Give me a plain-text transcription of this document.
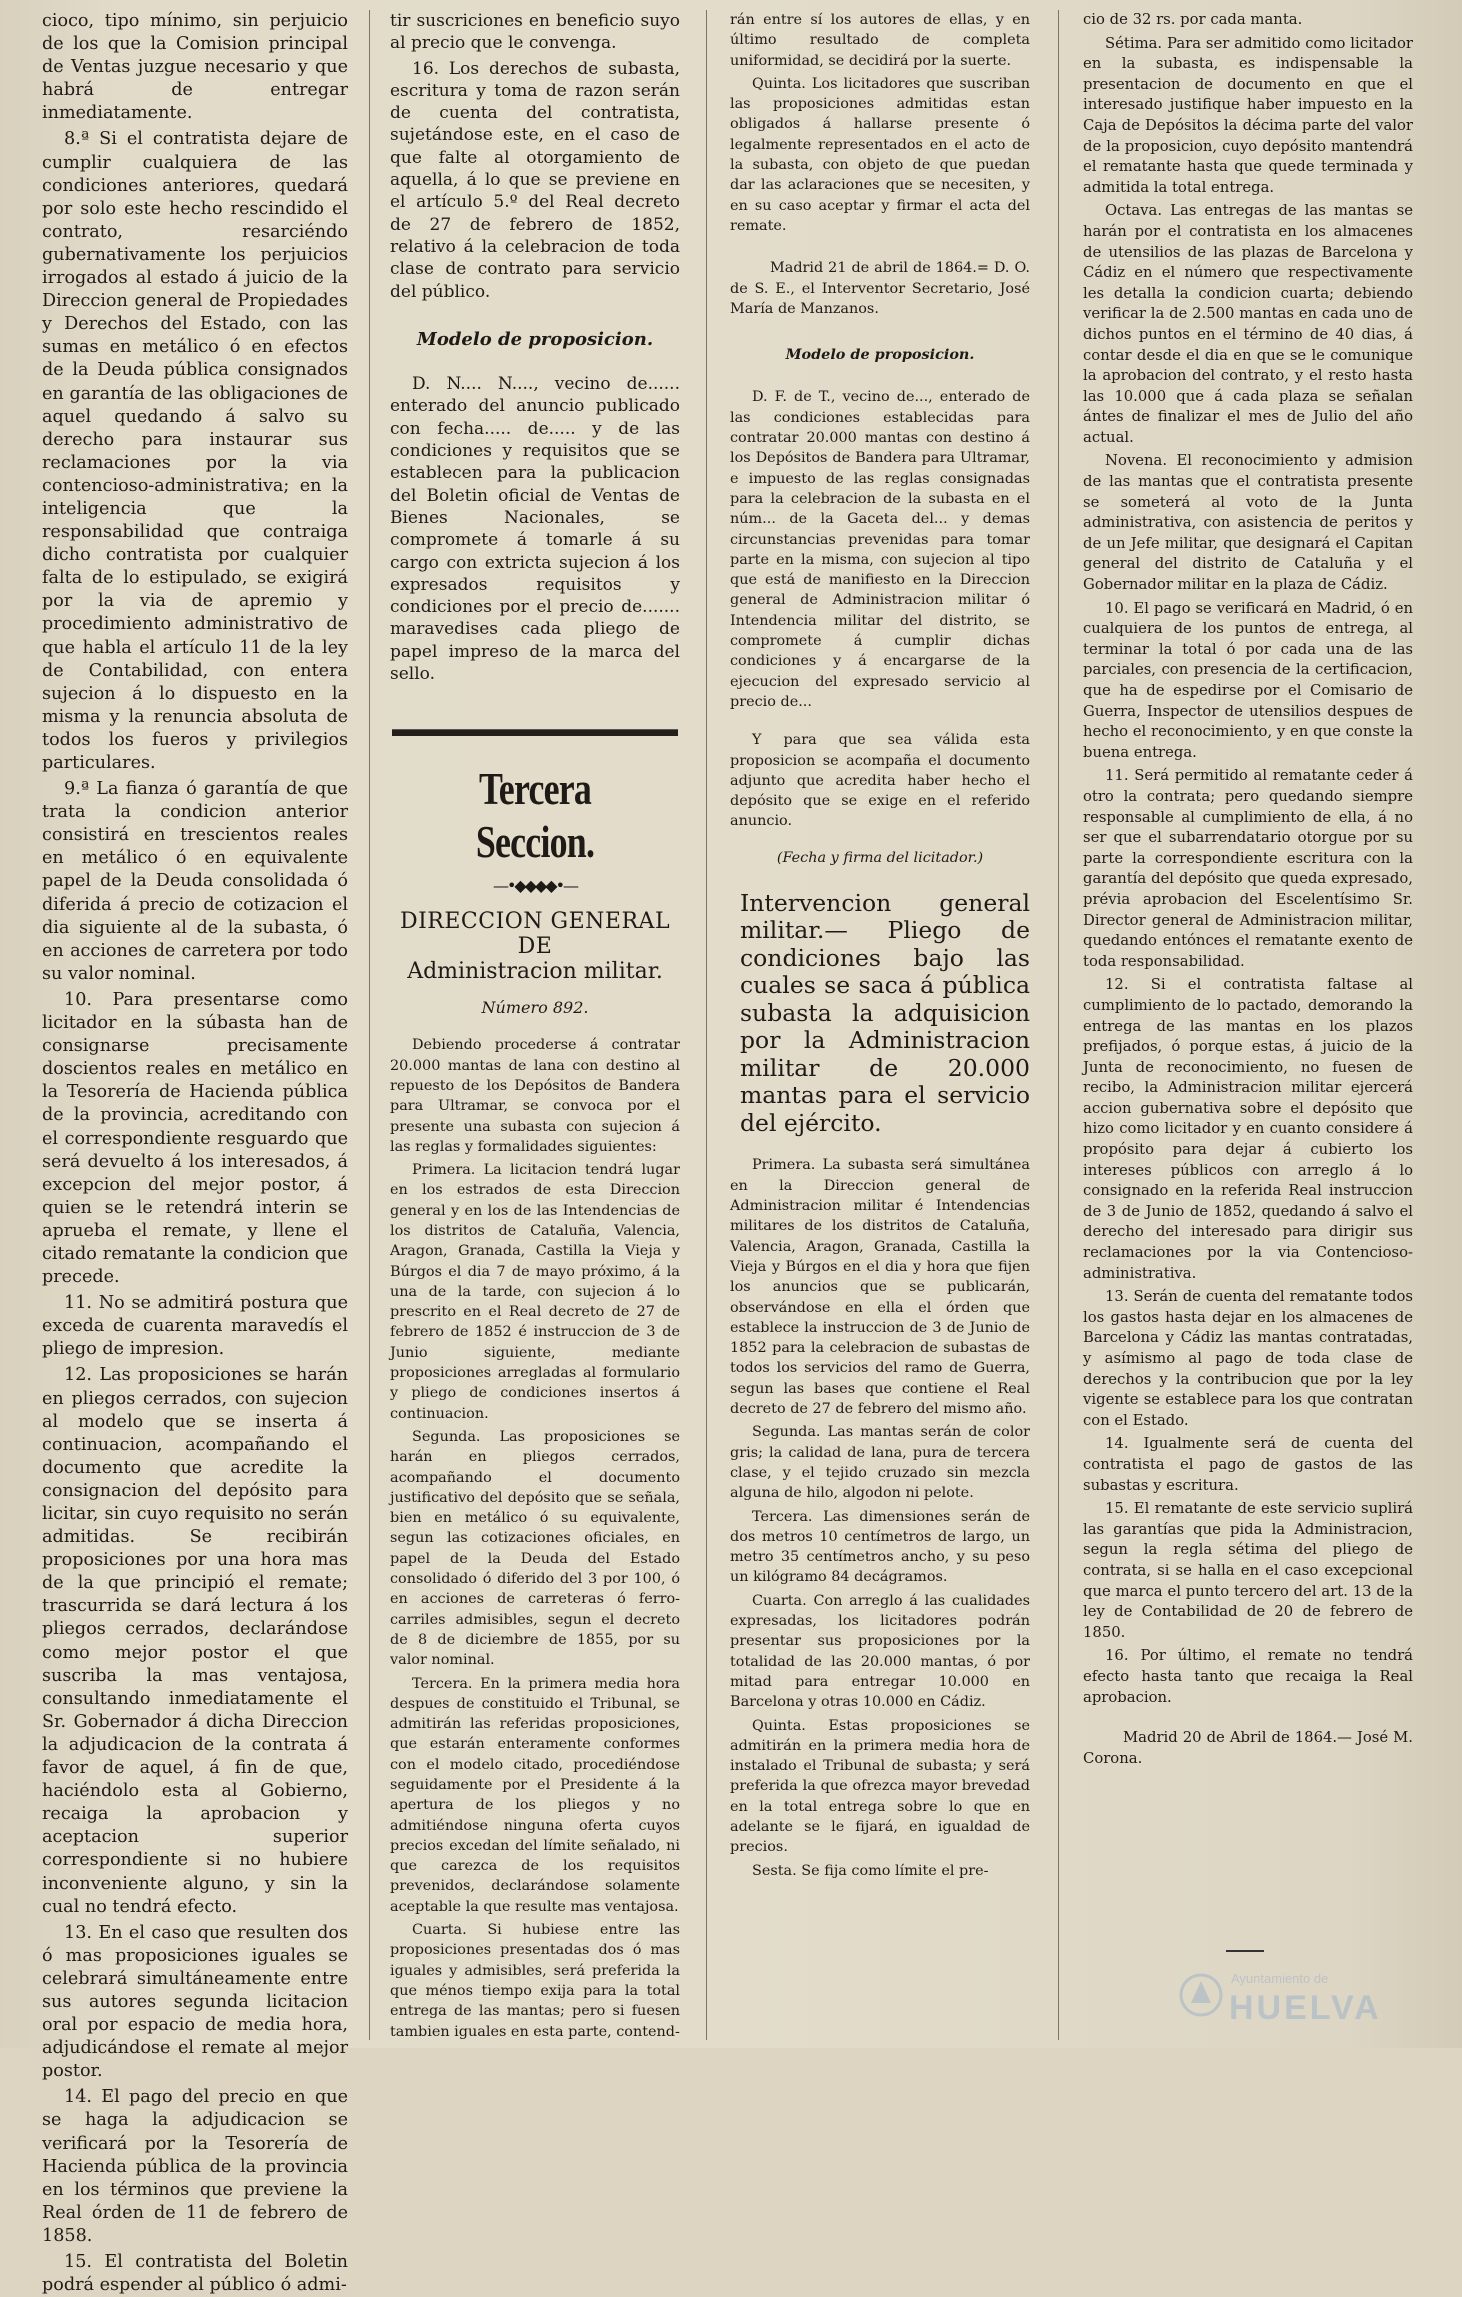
cioco, tipo mínimo, sin perjuicio de los que la Comision principal de Ventas juzgue necesario y que habrá de entregar inmediatamente.

8.ª Si el contratista dejare de cumplir cualquiera de las condiciones anteriores, quedará por solo este hecho rescindido el contrato, resarciéndo gubernativamente los perjuicios irrogados al estado á juicio de la Direccion general de Propiedades y Derechos del Estado, con las sumas en metálico ó en efectos de la Deuda pública consignados en garantía de las obligaciones de aquel quedando á salvo su derecho para instaurar sus reclamaciones por la via contencioso-administrativa; en la inteligencia que la responsabilidad que contraiga dicho contratista por cualquier falta de lo estipulado, se exigirá por la via de apremio y procedimiento administrativo de que habla el artículo 11 de la ley de Contabilidad, con entera sujecion á lo dispuesto en la misma y la renuncia absoluta de todos los fueros y privilegios particulares.

9.ª La fianza ó garantía de que trata la condicion anterior consistirá en trescientos reales en metálico ó en equivalente papel de la Deuda consolidada ó diferida á precio de cotizacion el dia siguiente al de la subasta, ó en acciones de carretera por todo su valor nominal.

10. Para presentarse como licitador en la súbasta han de consignarse precisamente doscientos reales en metálico en la Tesorería de Hacienda pública de la provincia, acreditando con el correspondiente resguardo que será devuelto á los interesados, á excepcion del mejor postor, á quien se le retendrá interin se aprueba el remate, y llene el citado rematante la condicion que precede.

11. No se admitirá postura que exceda de cuarenta maravedís el pliego de impresion.

12. Las proposiciones se harán en pliegos cerrados, con sujecion al modelo que se inserta á continuacion, acompañando el documento que acredite la consignacion del depósito para licitar, sin cuyo requisito no serán admitidas. Se recibirán proposiciones por una hora mas de la que principió el remate; trascurrida se dará lectura á los pliegos cerrados, declarándose como mejor postor el que suscriba la mas ventajosa, consultando inmediatamente el Sr. Gobernador á dicha Direccion la adjudicacion de la contrata á favor de aquel, á fin de que, haciéndolo esta al Gobierno, recaiga la aprobacion y aceptacion superior correspondiente si no hubiere inconveniente alguno, y sin la cual no tendrá efecto.

13. En el caso que resulten dos ó mas proposiciones iguales se celebrará simultáneamente entre sus autores segunda licitacion oral por espacio de media hora, adjudicándose el remate al mejor postor.

14. El pago del precio en que se haga la adjudicacion se verificará por la Tesorería de Hacienda pública de la provincia en los términos que previene la Real órden de 11 de febrero de 1858.

15. El contratista del Boletin podrá espender al público ó admi-

tir suscriciones en beneficio suyo al precio que le convenga.

16. Los derechos de subasta, escritura y toma de razon serán de cuenta del contratista, sujetándose este, en el caso de que falte al otorgamiento de aquella, á lo que se previene en el artículo 5.º del Real decreto de 27 de febrero de 1852, relativo á la celebracion de toda clase de contrato para servicio del público.

Modelo de proposicion.

D. N.... N...., vecino de...... enterado del anuncio publicado con fecha..... de..... y de las condiciones y requisitos que se establecen para la publicacion del Boletin oficial de Ventas de Bienes Nacionales, se compromete á tomarle á su cargo con extricta sujecion á los expresados requisitos y condiciones por el precio de....... maravedises cada pliego de papel impreso de la marca del sello.

Tercera Seccion.
—•◆◆◆◆•—
DIRECCION GENERAL DE
Administracion militar.
Número 892.

Debiendo procederse á contratar 20.000 mantas de lana con destino al repuesto de los Depósitos de Bandera para Ultramar, se convoca por el presente una subasta con sujecion á las reglas y formalidades siguientes:

Primera. La licitacion tendrá lugar en los estrados de esta Direccion general y en los de las Intendencias de los distritos de Cataluña, Valencia, Aragon, Granada, Castilla la Vieja y Búrgos el dia 7 de mayo próximo, á la una de la tarde, con sujecion á lo prescrito en el Real decreto de 27 de febrero de 1852 é instruccion de 3 de Junio siguiente, mediante proposiciones arregladas al formulario y pliego de condiciones insertos á continuacion.

Segunda. Las proposiciones se harán en pliegos cerrados, acompañando el documento justificativo del depósito que se señala, bien en metálico ó su equivalente, segun las cotizaciones oficiales, en papel de la Deuda del Estado consolidado ó diferido del 3 por 100, ó en acciones de carreteras ó ferro-carriles admisibles, segun el decreto de 8 de diciembre de 1855, por su valor nominal.

Tercera. En la primera media hora despues de constituido el Tribunal, se admitirán las referidas proposiciones, que estarán enteramente conformes con el modelo citado, procediéndose seguidamente por el Presidente á la apertura de los pliegos y no admitiéndose ninguna oferta cuyos precios excedan del límite señalado, ni que carezca de los requisitos prevenidos, declarándose solamente aceptable la que resulte mas ventajosa.

Cuarta. Si hubiese entre las proposiciones presentadas dos ó mas iguales y admisibles, será preferida la que ménos tiempo exija para la total entrega de las mantas; pero si fuesen tambien iguales en esta parte, contend-

rán entre sí los autores de ellas, y en último resultado de completa uniformidad, se decidirá por la suerte.

Quinta. Los licitadores que suscriban las proposiciones admitidas estan obligados á hallarse presente ó legalmente representados en el acto de la subasta, con objeto de que puedan dar las aclaraciones que se necesiten, y en su caso aceptar y firmar el acta del remate.

Madrid 21 de abril de 1864.= D. O. de S. E., el Interventor Secretario, José María de Manzanos.

Modelo de proposicion.

D. F. de T., vecino de..., enterado de las condiciones establecidas para contratar 20.000 mantas con destino á los Depósitos de Bandera para Ultramar, e impuesto de las reglas consignadas para la celebracion de la subasta en el núm... de la Gaceta del... y demas circunstancias prevenidas para tomar parte en la misma, con sujecion al tipo que está de manifiesto en la Direccion general de Administracion militar ó Intendencia militar del distrito, se compromete á cumplir dichas condiciones y á encargarse de la ejecucion del expresado servicio al precio de...

Y para que sea válida esta proposicion se acompaña el documento adjunto que acredita haber hecho el depósito que se exige en el referido anuncio.

(Fecha y firma del licitador.)

Intervencion general militar.— Pliego de condiciones bajo las cuales se saca á pública subasta la adquisicion por la Administracion militar de 20.000 mantas para el servicio del ejército.

Primera. La subasta será simultánea en la Direccion general de Administracion militar é Intendencias militares de los distritos de Cataluña, Valencia, Aragon, Granada, Castilla la Vieja y Búrgos en el dia y hora que fijen los anuncios que se publicarán, observándose en ella el órden que establece la instruccion de 3 de Junio de 1852 para la celebracion de subastas de todos los servicios del ramo de Guerra, segun las bases que contiene el Real decreto de 27 de febrero del mismo año.

Segunda. Las mantas serán de color gris; la calidad de lana, pura de tercera clase, y el tejido cruzado sin mezcla alguna de hilo, algodon ni pelote.

Tercera. Las dimensiones serán de dos metros 10 centímetros de largo, un metro 35 centímetros ancho, y su peso un kilógramo 84 decágramos.

Cuarta. Con arreglo á las cualidades expresadas, los licitadores podrán presentar sus proposiciones por la totalidad de las 20.000 mantas, ó por mitad para entregar 10.000 en Barcelona y otras 10.000 en Cádiz.

Quinta. Estas proposiciones se admitirán en la primera media hora de instalado el Tribunal de subasta; y será preferida la que ofrezca mayor brevedad en la total entrega sobre lo que en adelante se le fijará, en igualdad de precios.

Sesta. Se fija como límite el pre-

cio de 32 rs. por cada manta.

Sétima. Para ser admitido como licitador en la subasta, es indispensable la presentacion de documento en que el interesado justifique haber impuesto en la Caja de Depósitos la décima parte del valor de la proposicion, cuyo depósito mantendrá el rematante hasta que quede terminada y admitida la total entrega.

Octava. Las entregas de las mantas se harán por el contratista en los almacenes de utensilios de las plazas de Barcelona y Cádiz en el número que respectivamente les detalla la condicion cuarta; debiendo verificar la de 2.500 mantas en cada uno de dichos puntos en el término de 40 dias, á contar desde el dia en que se le comunique la aprobacion del contrato, y el resto hasta las 10.000 que á cada plaza se señalan ántes de finalizar el mes de Julio del año actual.

Novena. El reconocimiento y admision de las mantas que el contratista presente se someterá al voto de la Junta administrativa, con asistencia de peritos y de un Jefe militar, que designará el Capitan general del distrito de Cataluña y el Gobernador militar en la plaza de Cádiz.

10. El pago se verificará en Madrid, ó en cualquiera de los puntos de entrega, al terminar la total ó por cada una de las parciales, con presencia de la certificacion, que ha de espedirse por el Comisario de Guerra, Inspector de utensilios despues de hecho el reconocimiento, y en que conste la buena entrega.

11. Será permitido al rematante ceder á otro la contrata; pero quedando siempre responsable al cumplimiento de ella, á no ser que el subarrendatario otorgue por su parte la correspondiente escritura con la garantía del depósito que queda expresado, prévia aprobacion del Escelentísimo Sr. Director general de Administracion militar, quedando entónces el rematante exento de toda responsabilidad.

12. Si el contratista faltase al cumplimiento de lo pactado, demorando la entrega de las mantas en los plazos prefijados, ó porque estas, á juicio de la Junta de reconocimiento, no fuesen de recibo, la Administracion militar ejercerá accion gubernativa sobre el depósito que hizo como licitador y en cuanto considere á propósito para dejar á cubierto los intereses públicos con arreglo á lo consignado en la referida Real instruccion de 3 de Junio de 1852, quedando á salvo el derecho del interesado para dirigir sus reclamaciones por la via Contencioso-administrativa.

13. Serán de cuenta del rematante todos los gastos hasta dejar en los almacenes de Barcelona y Cádiz las mantas contratadas, y asímismo al pago de toda clase de derechos y la contribucion que por la ley vigente se establece para los que contratan con el Estado.

14. Igualmente será de cuenta del contratista el pago de gastos de las subastas y escritura.

15. El rematante de este servicio suplirá las garantías que pida la Administracion, segun la regla sétima del pliego de contrata, si se halla en el caso excepcional que marca el punto tercero del art. 13 de la ley de Contabilidad de 20 de febrero de 1850.

16. Por último, el remate no tendrá efecto hasta tanto que recaiga la Real aprobacion.

Madrid 20 de Abril de 1864.— José M. Corona.

Ayuntamiento de
HUELVA
